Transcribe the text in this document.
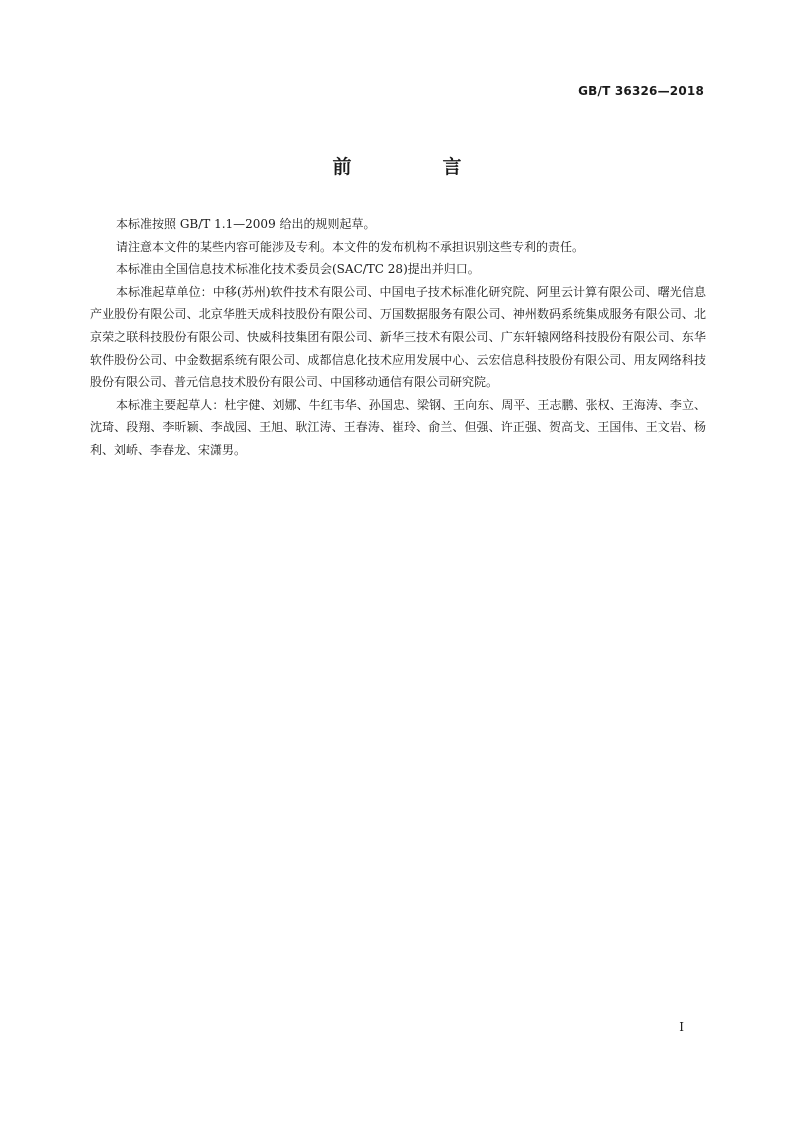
GB/T 36326—2018
前　言

本标准按照 GB/T 1.1—2009 给出的规则起草。

请注意本文件的某些内容可能涉及专利。本文件的发布机构不承担识别这些专利的责任。

本标准由全国信息技术标准化技术委员会(SAC/TC 28)提出并归口。

本标准起草单位：中移(苏州)软件技术有限公司、中国电子技术标准化研究院、阿里云计算有限公司、曙光信息产业股份有限公司、北京华胜天成科技股份有限公司、万国数据服务有限公司、神州数码系统集成服务有限公司、北京荣之联科技股份有限公司、快威科技集团有限公司、新华三技术有限公司、广东轩辕网络科技股份有限公司、东华软件股份公司、中金数据系统有限公司、成都信息化技术应用发展中心、云宏信息科技股份有限公司、用友网络科技股份有限公司、普元信息技术股份有限公司、中国移动通信有限公司研究院。

本标准主要起草人：杜宇健、刘娜、牛红韦华、孙国忠、梁钢、王向东、周平、王志鹏、张权、王海涛、李立、沈琦、段翔、李昕颖、李战园、王旭、耿江涛、王春涛、崔玲、俞兰、但强、许正强、贺高戈、王国伟、王文岩、杨利、刘峤、李春龙、宋潇男。

I
